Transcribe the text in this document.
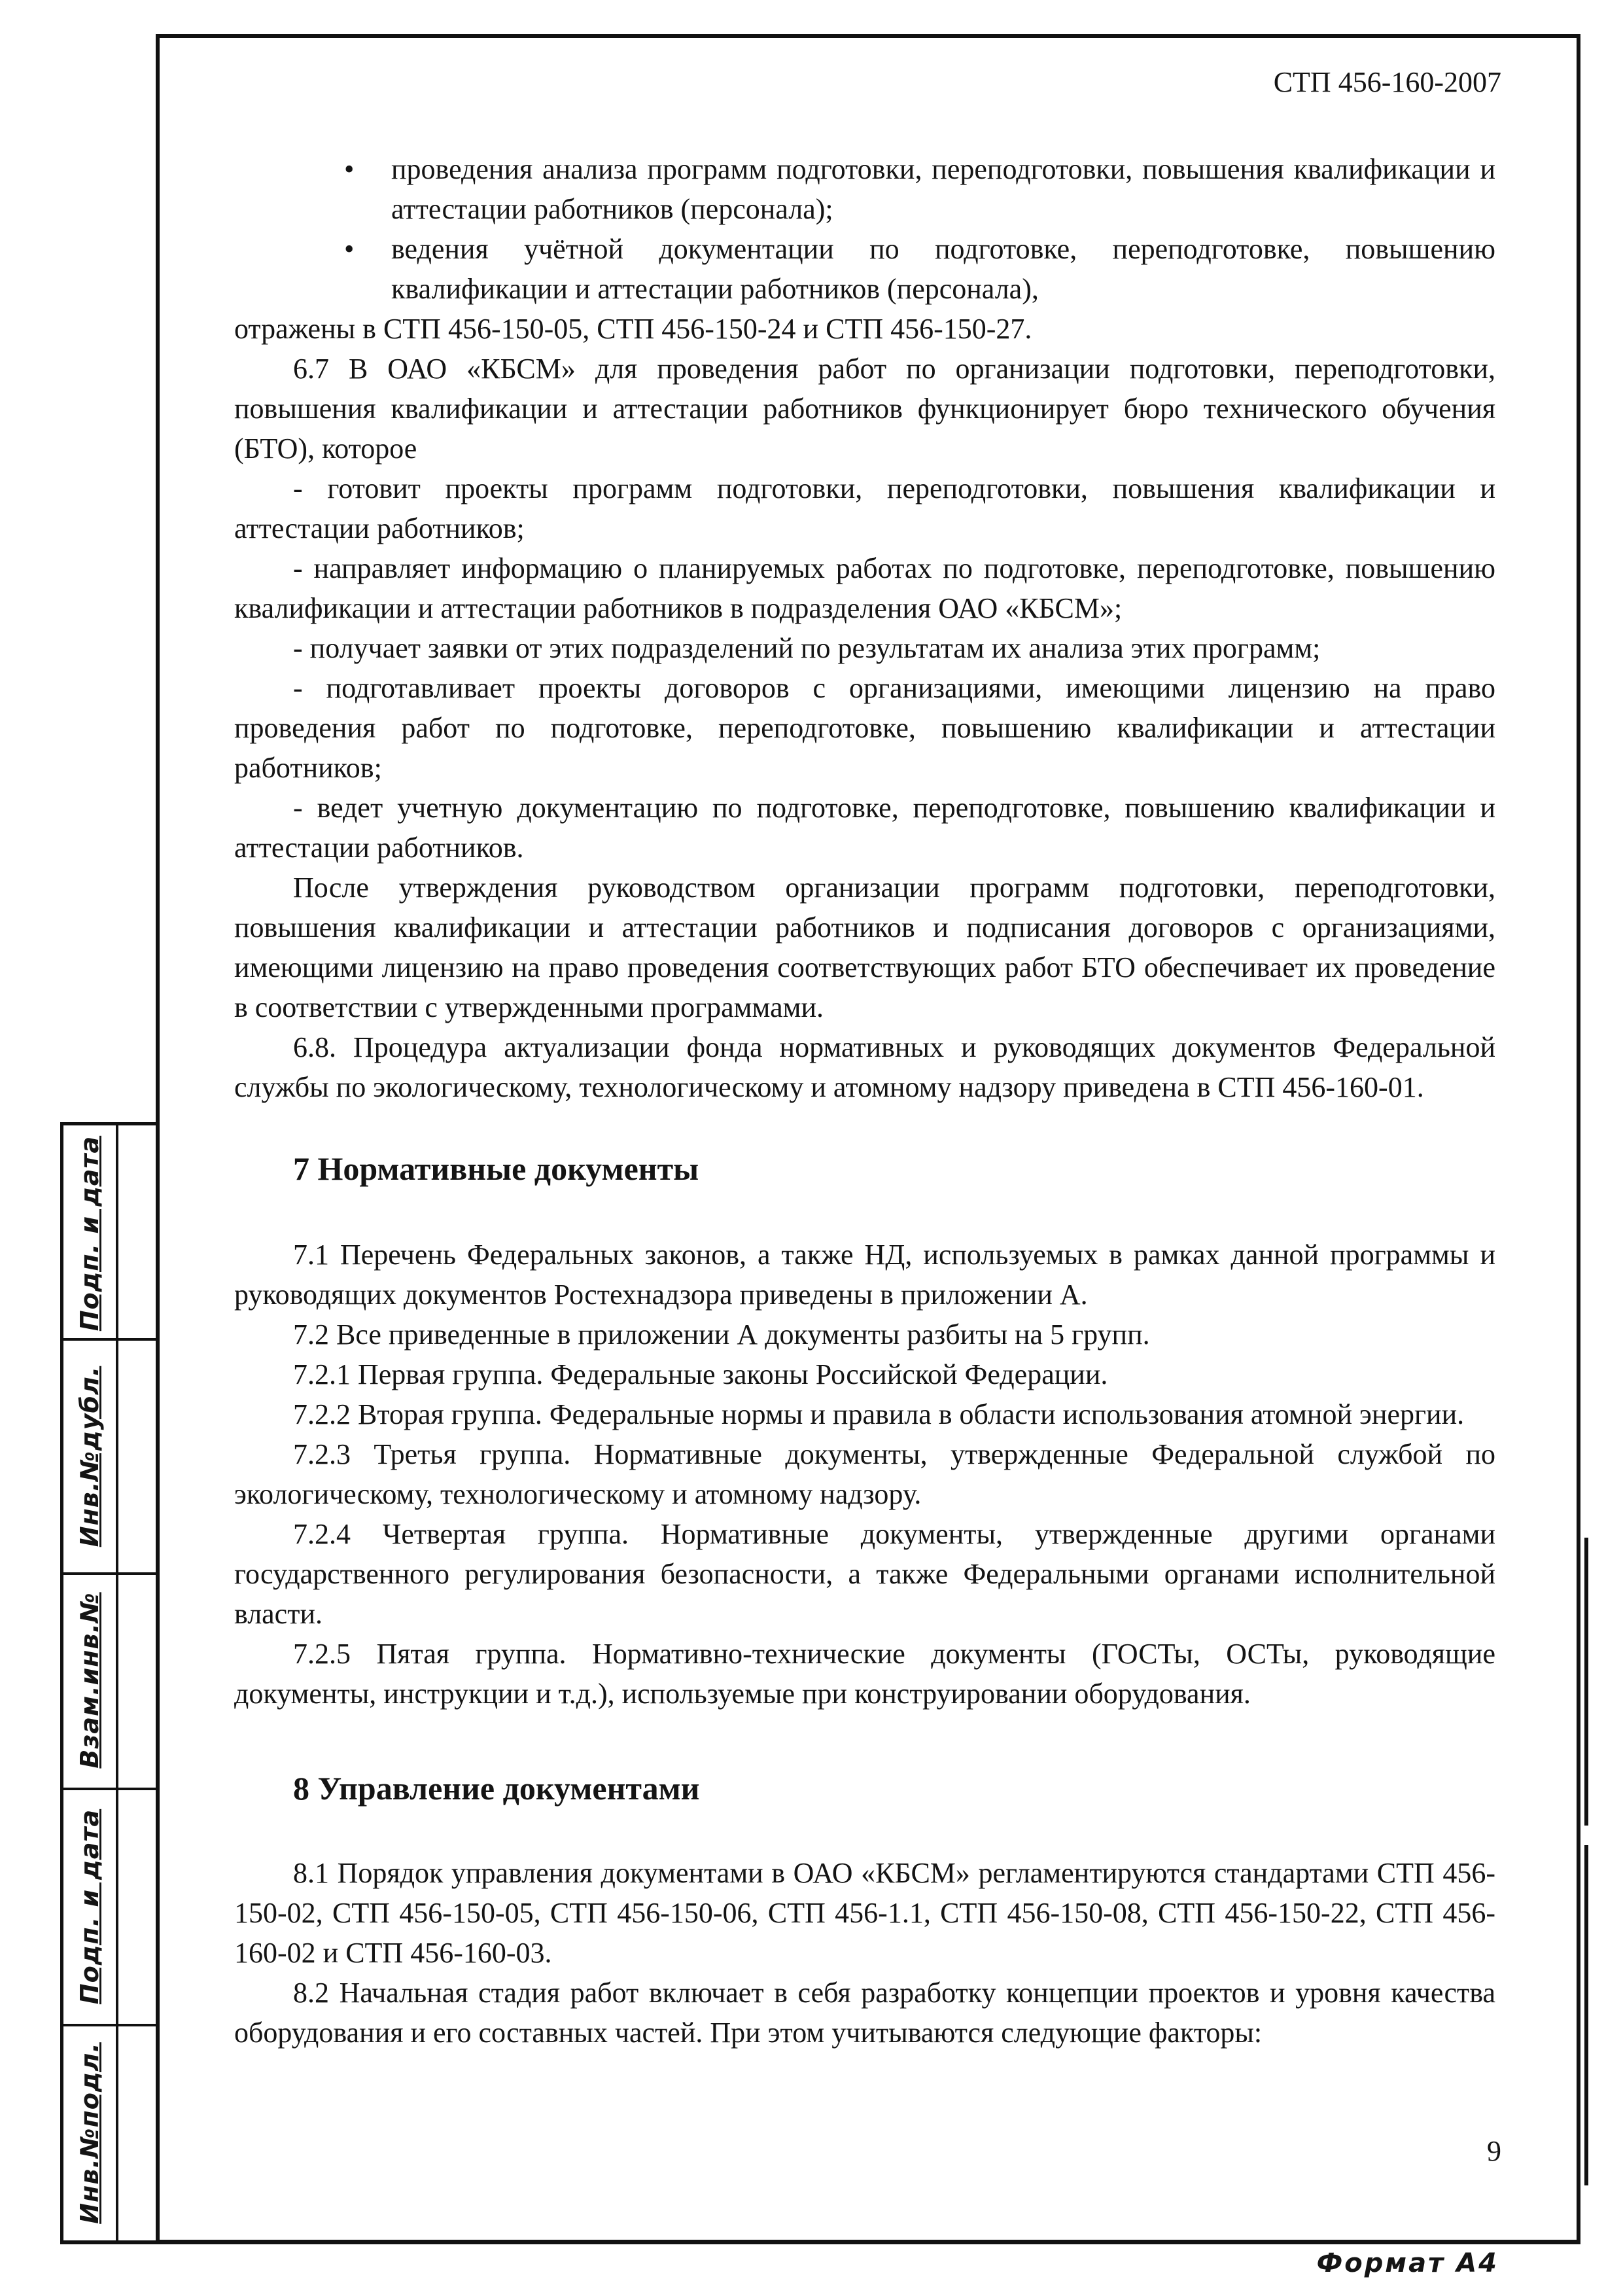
Подп. и дата
Инв.№дубл.
Взам.инв.№
Подп. и дата
Инв.№подл.
СТП 456-160-2007

• проведения анализа программ подготовки, переподготовки, повышения квалификации и аттестации работников (персонала);

• ведения учётной документации по подготовке, переподготовке, повышению квалификации и аттестации работников (персонала),

отражены в СТП 456-150-05, СТП 456-150-24 и СТП 456-150-27.

6.7 В ОАО «КБСМ» для проведения работ по организации подготовки, переподготовки, повышения квалификации и аттестации работников функционирует бюро технического обучения (БТО), которое

- готовит проекты программ подготовки, переподготовки, повышения квалификации и аттестации работников;

- направляет информацию о планируемых работах по подготовке, переподготовке, повышению квалификации и аттестации работников в подразделения ОАО «КБСМ»;

- получает заявки от этих подразделений по результатам их анализа этих программ;

- подготавливает проекты договоров с организациями, имеющими лицензию на право проведения работ по подготовке, переподготовке, повышению квалификации и аттестации работников;

- ведет учетную документацию по подготовке, переподготовке, повышению квалификации и аттестации работников.

После утверждения руководством организации программ подготовки, переподготовки, повышения квалификации и аттестации работников и подписания договоров с организациями, имеющими лицензию на право проведения соответствующих работ БТО обеспечивает их проведение в соответствии с утвержденными программами.

6.8. Процедура актуализации фонда нормативных и руководящих документов Федеральной службы по экологическому, технологическому и атомному надзору приведена в СТП 456-160-01.

7 Нормативные документы

7.1 Перечень Федеральных законов, а также НД, используемых в рамках данной программы и руководящих документов Ростехнадзора приведены в приложении А.

7.2 Все приведенные в приложении А документы разбиты на 5 групп.

7.2.1 Первая группа. Федеральные законы Российской Федерации.

7.2.2 Вторая группа. Федеральные нормы и правила в области использования атомной энергии.

7.2.3 Третья группа. Нормативные документы, утвержденные Федеральной службой по экологическому, технологическому и атомному надзору.

7.2.4 Четвертая группа. Нормативные документы, утвержденные другими органами государственного регулирования безопасности, а также Федеральными органами исполнительной власти.

7.2.5 Пятая группа. Нормативно-технические документы (ГОСТы, ОСТы, руководящие документы, инструкции и т.д.), используемые при конструировании оборудования.

8 Управление документами

8.1 Порядок управления документами в ОАО «КБСМ» регламентируются стандартами СТП 456-150-02, СТП 456-150-05, СТП 456-150-06, СТП 456-1.1, СТП 456-150-08, СТП 456-150-22, СТП 456-160-02 и СТП 456-160-03.

8.2 Начальная стадия работ включает в себя разработку концепции проектов и уровня качества оборудования и его составных частей. При этом учитываются следующие факторы:

9
Формат А4
